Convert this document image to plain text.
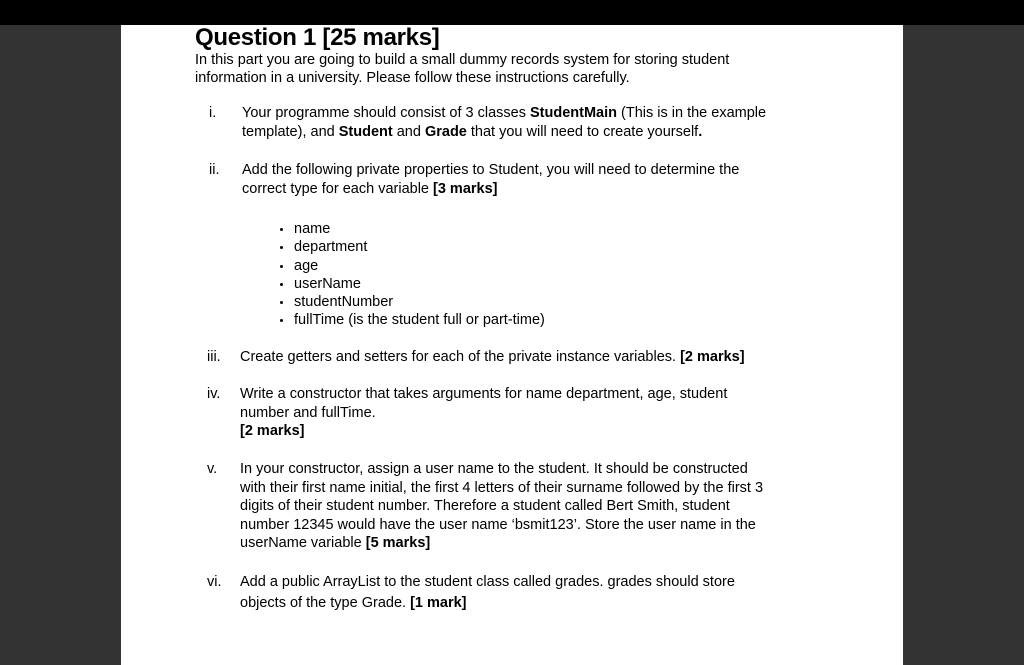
Question 1 [25 marks]
In this part you are going to build a small dummy records system for storing student
information in a university. Please follow these instructions carefully.
i.	Your programme should consist of 3 classes StudentMain (This is in the example
template), and Student and Grade that you will need to create yourself.
ii.	Add the following private properties to Student, you will need to determine the
correct type for each variable [3 marks]
name
department
age
userName
studentNumber
fullTime (is the student full or part-time)
iii.	Create getters and setters for each of the private instance variables. [2 marks]
iv.	Write a constructor that takes arguments for name department, age, student
number and fullTime.
[2 marks]
v.	In your constructor, assign a user name to the student. It should be constructed
with their first name initial, the first 4 letters of their surname followed by the first 3
digits of their student number. Therefore a student called Bert Smith, student
number 12345 would have the user name ‘bsmit123’. Store the user name in the
userName variable [5 marks]
vi.	Add a public ArrayList to the student class called grades. grades should store
objects of the type Grade. [1 mark]
